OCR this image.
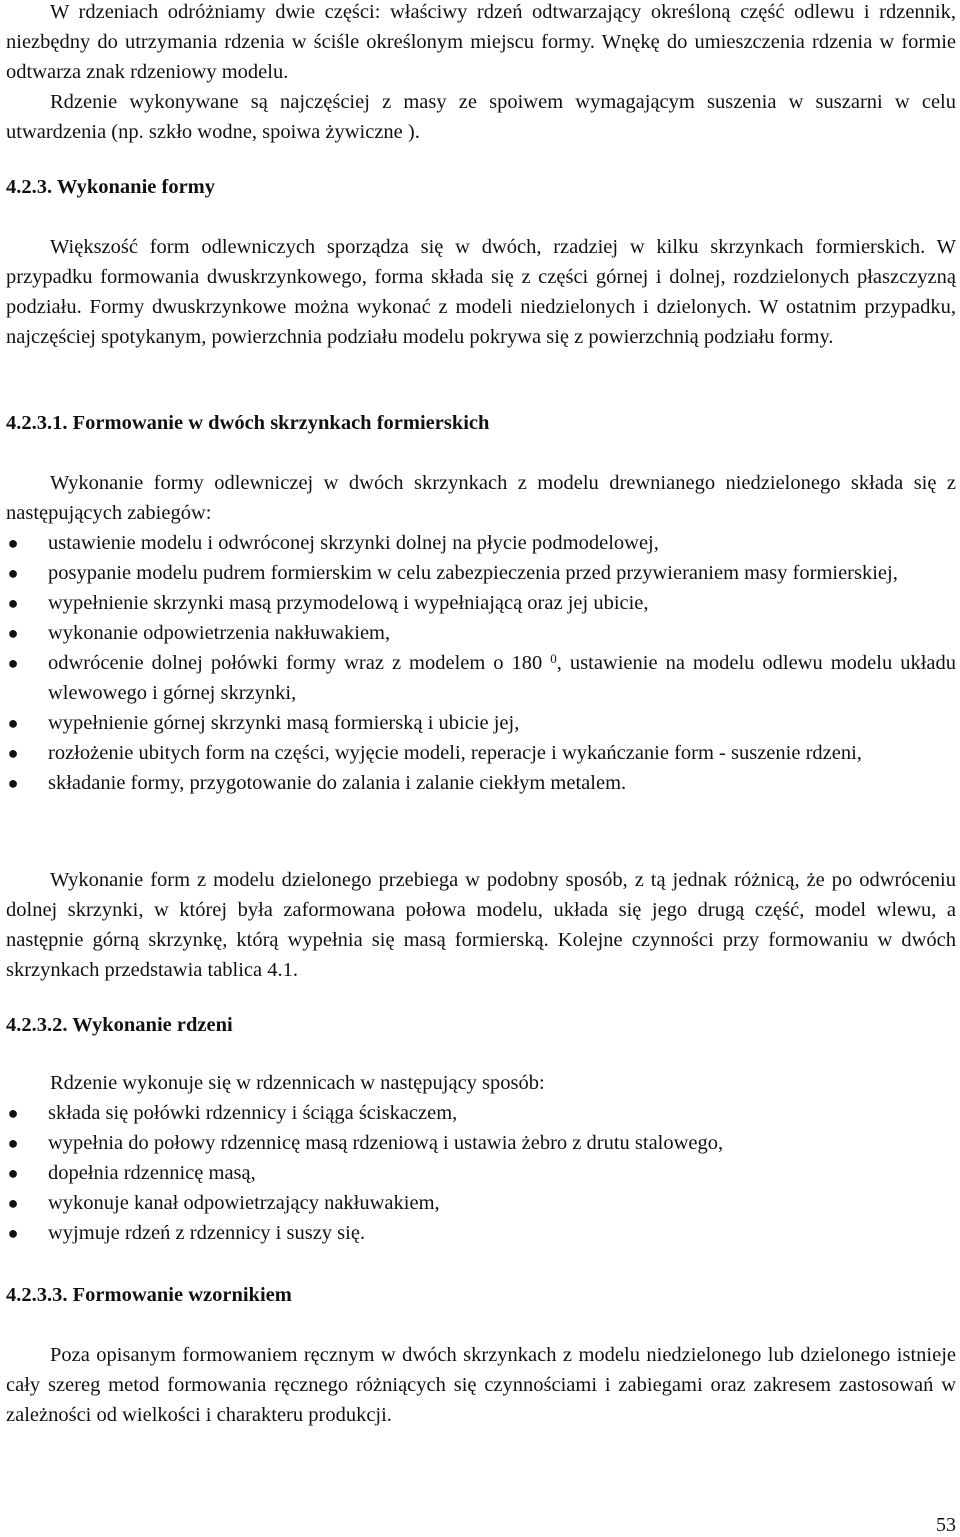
W rdzeniach odróżniamy dwie części: właściwy rdzeń odtwarzający określoną część odlewu i rdzennik, niezbędny do utrzymania rdzenia w ściśle określonym miejscu formy. Wnękę do umieszczenia rdzenia w formie odtwarza znak rdzeniowy modelu.

Rdzenie wykonywane są najczęściej z masy ze spoiwem wymagającym suszenia w suszarni w celu utwardzenia (np. szkło wodne, spoiwa żywiczne ).

4.2.3. Wykonanie formy

Większość form odlewniczych sporządza się w dwóch, rzadziej w kilku skrzynkach formierskich. W przypadku formowania dwuskrzynkowego, forma składa się z części górnej i dolnej, rozdzielonych płaszczyzną podziału. Formy dwuskrzynkowe można wykonać z modeli niedzielonych i dzielonych. W ostatnim przypadku, najczęściej spotykanym, powierzchnia podziału modelu pokrywa się z powierzchnią podziału formy.

4.2.3.1. Formowanie w dwóch skrzynkach formierskich

Wykonanie formy odlewniczej w dwóch skrzynkach z modelu drewnianego niedzielonego składa się z następujących zabiegów:

● ustawienie modelu i odwróconej skrzynki dolnej na płycie podmodelowej,
● posypanie modelu pudrem formierskim w celu zabezpieczenia przed przywieraniem masy formierskiej,
● wypełnienie skrzynki masą przymodelową i wypełniającą oraz jej ubicie,
● wykonanie odpowietrzenia nakłuwakiem,
● odwrócenie dolnej połówki formy wraz z modelem o 180 $^0$, ustawienie na modelu odlewu modelu układu wlewowego i górnej skrzynki,
● wypełnienie górnej skrzynki masą formierską i ubicie jej,
● rozłożenie ubitych form na części, wyjęcie modeli, reperacje i wykańczanie form - suszenie rdzeni,
● składanie formy, przygotowanie do zalania i zalanie ciekłym metalem.

Wykonanie form z modelu dzielonego przebiega w podobny sposób, z tą jednak różnicą, że po odwróceniu dolnej skrzynki, w której była zaformowana połowa modelu, układa się jego drugą część, model wlewu, a następnie górną skrzynkę, którą wypełnia się masą formierską. Kolejne czynności przy formowaniu w dwóch skrzynkach przedstawia tablica 4.1.

4.2.3.2. Wykonanie rdzeni

Rdzenie wykonuje się w rdzennicach w następujący sposób:

● składa się połówki rdzennicy i ściąga ściskaczem,
● wypełnia do połowy rdzennicę masą rdzeniową i ustawia żebro z drutu stalowego,
● dopełnia rdzennicę masą,
● wykonuje kanał odpowietrzający nakłuwakiem,
● wyjmuje rdzeń z rdzennicy i suszy się.
4.2.3.3. Formowanie wzornikiem

Poza opisanym formowaniem ręcznym w dwóch skrzynkach z modelu niedzielonego lub dzielonego istnieje cały szereg metod formowania ręcznego różniących się czynnościami i zabiegami oraz zakresem zastosowań w zależności od wielkości i charakteru produkcji.

53
